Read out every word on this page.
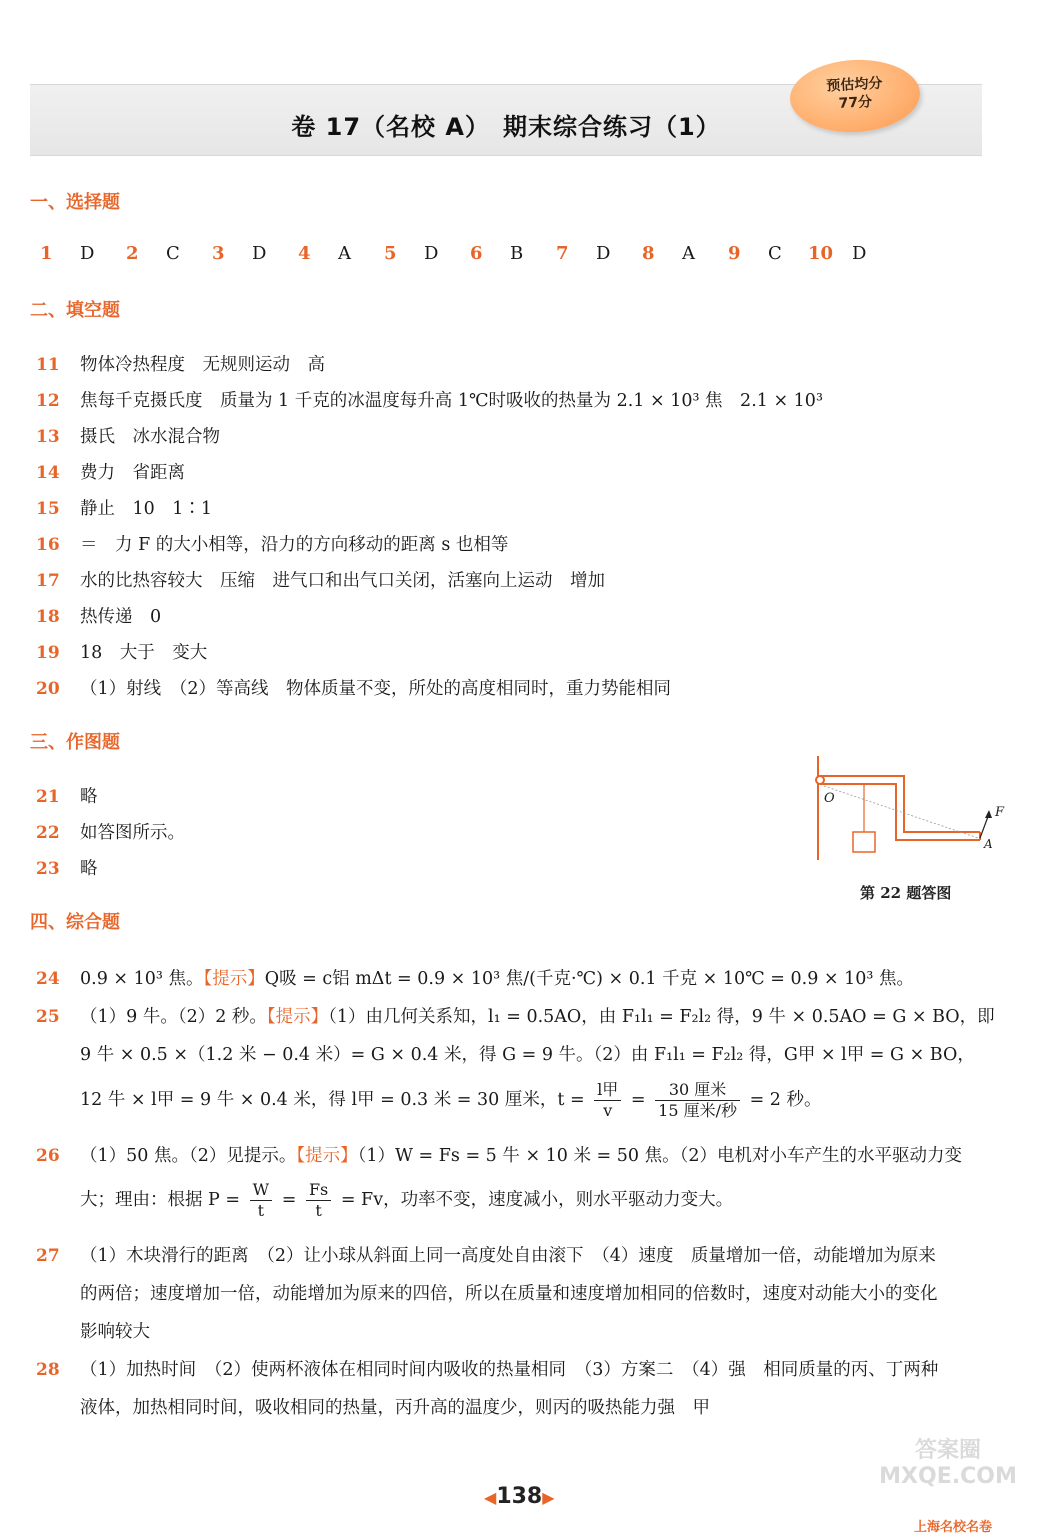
卷 17（名校 A）　期末综合练习（1）
预估均分
77分
一、选择题
1 D 2 C 3 D 4 A 5 D 6 B 7 D 8 A 9 C 10 D
二、填空题
11 物体冷热程度　无规则运动　高
12 焦每千克摄氏度　质量为 1 千克的冰温度每升高 1℃时吸收的热量为 2.1 × 10³ 焦　2.1 × 10³
13 摄氏　冰水混合物
14 费力　省距离
15 静止　10　1∶1
16 ＝　力 F 的大小相等，沿力的方向移动的距离 s 也相等
17 水的比热容较大　压缩　进气口和出气口关闭，活塞向上运动　增加
18 热传递　0
19 18　大于　变大
20 （1）射线　（2）等高线　物体质量不变，所处的高度相同时，重力势能相同
三、作图题
21 略
22 如答图所示。
23 略
O
F
A
第 22 题答图
四、综合题
24 0.9 × 10³ 焦。【提示】Q吸 = c铝 mΔt = 0.9 × 10³ 焦/(千克·℃) × 0.1 千克 × 10℃ = 0.9 × 10³ 焦。
25 （1）9 牛。（2）2 秒。【提示】（1）由几何关系知，l₁ = 0.5AO，由 F₁l₁ = F₂l₂ 得，9 牛 × 0.5AO = G × BO，即
9 牛 × 0.5 ×（1.2 米 − 0.4 米）= G × 0.4 米，得 G = 9 牛。（2）由 F₁l₁ = F₂l₂ 得，G甲 × l甲 = G × BO，
12 牛 × l甲 = 9 牛 × 0.4 米，得 l甲 = 0.3 米 = 30 厘米，$t = \frac{\text{l甲}}{v} = \frac{\text{30 厘米}}{\text{15 厘米/秒}} = 2$ 秒。
26 （1）50 焦。（2）见提示。【提示】（1）W = Fs = 5 牛 × 10 米 = 50 焦。（2）电机对小车产生的水平驱动力变
大；理由：根据 $P = \frac{W}{t} = \frac{Fs}{t} = Fv$，功率不变，速度减小，则水平驱动力变大。
27 （1）木块滑行的距离　（2）让小球从斜面上同一高度处自由滚下　（4）速度　质量增加一倍，动能增加为原来
的两倍；速度增加一倍，动能增加为原来的四倍，所以在质量和速度增加相同的倍数时，速度对动能大小的变化
影响较大
28 （1）加热时间　（2）使两杯液体在相同时间内吸收的热量相同　（3）方案二　（4）强　相同质量的丙、丁两种
液体，加热相同时间，吸收相同的热量，丙升高的温度少，则丙的吸热能力强　甲
答案圈
MXQE.COM
◀138▶
上海名校名卷
